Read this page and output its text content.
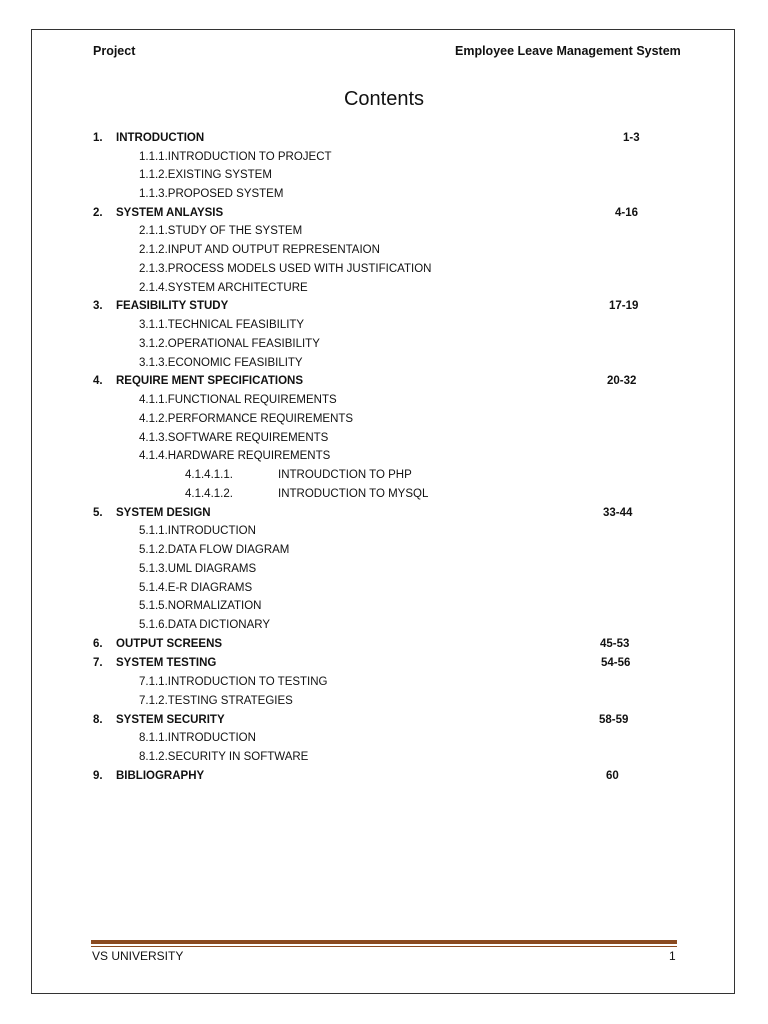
Project	Employee Leave Management System
Contents
1. INTRODUCTION	1-3
1.1.1.INTRODUCTION TO PROJECT
1.1.2.EXISTING SYSTEM
1.1.3.PROPOSED SYSTEM
2. SYSTEM ANLAYSIS	4-16
2.1.1.STUDY OF THE SYSTEM
2.1.2.INPUT AND OUTPUT REPRESENTAION
2.1.3.PROCESS MODELS USED WITH JUSTIFICATION
2.1.4.SYSTEM ARCHITECTURE
3. FEASIBILITY STUDY	17-19
3.1.1.TECHNICAL FEASIBILITY
3.1.2.OPERATIONAL FEASIBILITY
3.1.3.ECONOMIC FEASIBILITY
4. REQUIRE MENT SPECIFICATIONS	20-32
4.1.1.FUNCTIONAL REQUIREMENTS
4.1.2.PERFORMANCE REQUIREMENTS
4.1.3.SOFTWARE REQUIREMENTS
4.1.4.HARDWARE REQUIREMENTS
4.1.4.1.1.	INTROUDCTION TO PHP
4.1.4.1.2.	INTRODUCTION TO MYSQL
5. SYSTEM DESIGN	33-44
5.1.1.INTRODUCTION
5.1.2.DATA FLOW DIAGRAM
5.1.3.UML DIAGRAMS
5.1.4.E-R DIAGRAMS
5.1.5.NORMALIZATION
5.1.6.DATA DICTIONARY
6. OUTPUT SCREENS	45-53
7. SYSTEM TESTING	54-56
7.1.1.INTRODUCTION TO TESTING
7.1.2.TESTING STRATEGIES
8. SYSTEM SECURITY	58-59
8.1.1.INTRODUCTION
8.1.2.SECURITY IN SOFTWARE
9. BIBLIOGRAPHY	60
VS UNIVERSITY	1
